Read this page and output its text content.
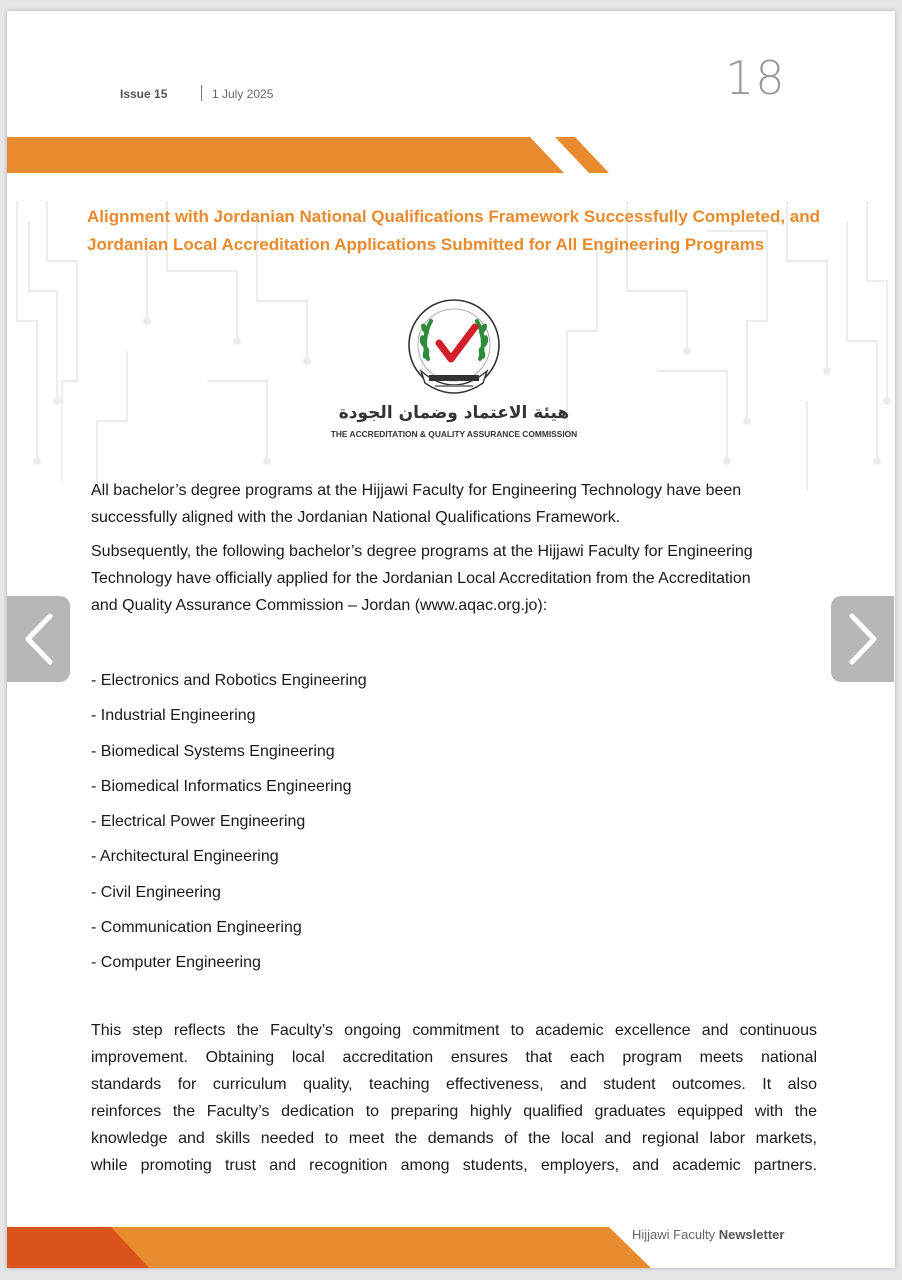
Issue 15	1 July 2025	18
Alignment with Jordanian National Qualifications Framework Successfully Completed, and
Jordanian Local Accreditation Applications Submitted for All Engineering Programs
هيئة الاعتماد وضمان الجودة
THE ACCREDITATION & QUALITY ASSURANCE COMMISSION
All bachelor’s degree programs at the Hijjawi Faculty for Engineering Technology have been
successfully aligned with the Jordanian National Qualifications Framework.
Subsequently, the following bachelor’s degree programs at the Hijjawi Faculty for Engineering
Technology have officially applied for the Jordanian Local Accreditation from the Accreditation
and Quality Assurance Commission – Jordan (www.aqac.org.jo):
- Electronics and Robotics Engineering
- Industrial Engineering
- Biomedical Systems Engineering
- Biomedical Informatics Engineering
- Electrical Power Engineering
- Architectural Engineering
- Civil Engineering
- Communication Engineering
- Computer Engineering
This step reflects the Faculty’s ongoing commitment to academic excellence and continuous
improvement. Obtaining local accreditation ensures that each program meets national
standards for curriculum quality, teaching effectiveness, and student outcomes. It also
reinforces the Faculty’s dedication to preparing highly qualified graduates equipped with the
knowledge and skills needed to meet the demands of the local and regional labor markets,
while promoting trust and recognition among students, employers, and academic partners.
Hijjawi Faculty Newsletter
